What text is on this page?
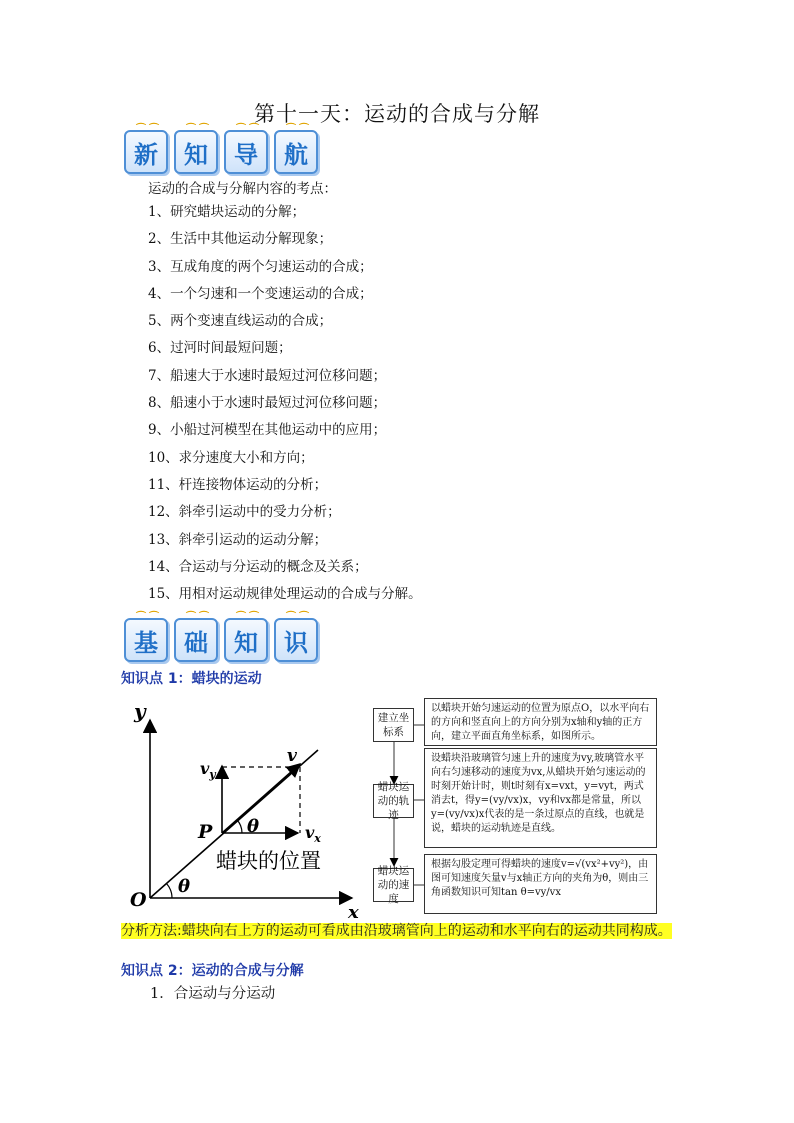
第十一天：运动的合成与分解
⌒⌒
新
⌒⌒
知
⌒⌒
导
⌒⌒
航
运动的合成与分解内容的考点：
1、研究蜡块运动的分解；
2、生活中其他运动分解现象；
3、互成角度的两个匀速运动的合成；
4、一个匀速和一个变速运动的合成；
5、两个变速直线运动的合成；
6、过河时间最短问题；
7、船速大于水速时最短过河位移问题；
8、船速小于水速时最短过河位移问题；
9、小船过河模型在其他运动中的应用；
10、求分速度大小和方向；
11、杆连接物体运动的分析；
12、斜牵引运动中的受力分析；
13、斜牵引运动的运动分解；
14、合运动与分运动的概念及关系；
15、用相对运动规律处理运动的合成与分解。
⌒⌒
基
⌒⌒
础
⌒⌒
知
⌒⌒
识
知识点 1：蜡块的运动
y
x
O
P
θ
θ
v
$v_y$
$v_x$
蜡块的位置
建立坐标系
以蜡块开始匀速运动的位置为原点O，以水平向右的方向和竖直向上的方向分别为x轴和y轴的正方向，建立平面直角坐标系，如图所示。
蜡块运动的轨迹
设蜡块沿玻璃管匀速上升的速度为vy,玻璃管水平向右匀速移动的速度为vx,从蜡块开始匀速运动的时刻开始计时，则t时刻有x=vxt，y=vyt，两式消去t，得y=(vy/vx)x，vy和vx都是常量，所以y=(vy/vx)x代表的是一条过原点的直线，也就是说，蜡块的运动轨迹是直线。
蜡块运动的速度
根据勾股定理可得蜡块的速度v=√(vx²+vy²)，由图可知速度矢量v与x轴正方向的夹角为θ，则由三角函数知识可知tan θ=vy/vx
分析方法:蜡块向右上方的运动可看成由沿玻璃管向上的运动和水平向右的运动共同构成。
知识点 2：运动的合成与分解
1．合运动与分运动
